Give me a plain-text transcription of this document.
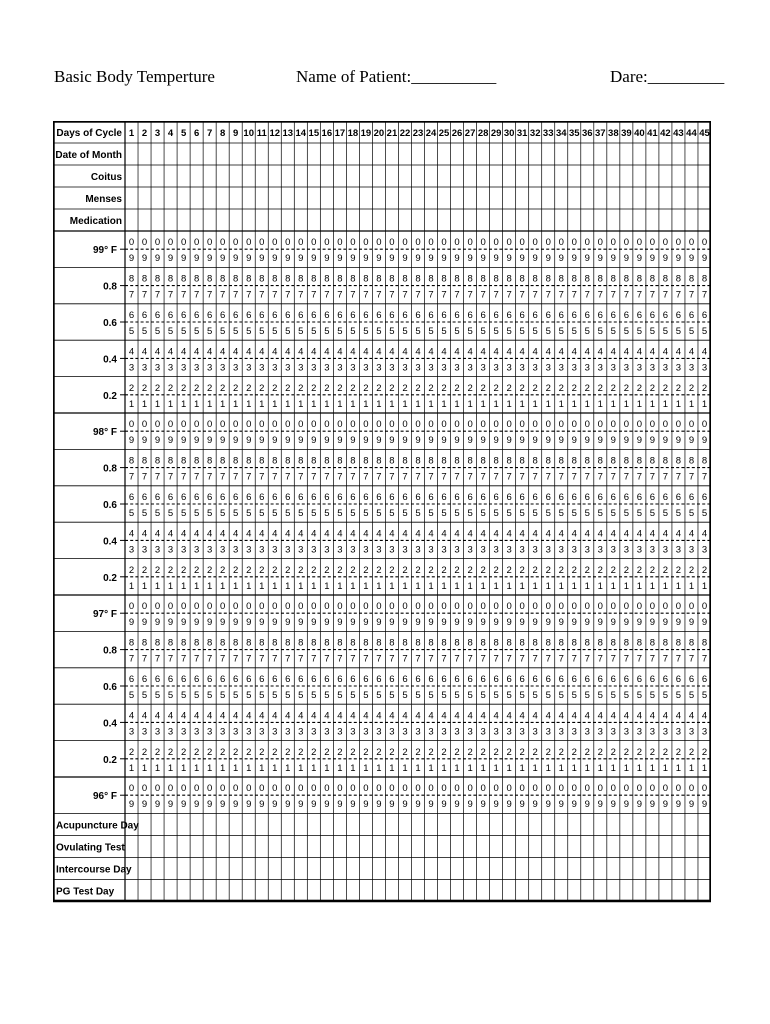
Basic Body Temperture	Name of Patient:__________	Dare:_________
Days of Cycle 1 2 3 4 5 6 7 8 9 10 11 12 13 14 15 16 17 18 19 20 21 22 23 24 25 26 27 28 29 30 31 32 33 34 35 36 37 38 39 40 41 42 43 44 45
Date of Month
Coitus
Menses
Medication
99° F
0
9
0
9
0
9
0
9
0
9
0
9
0
9
0
9
0
9
0
9
0
9
0
9
0
9
0
9
0
9
0
9
0
9
0
9
0
9
0
9
0
9
0
9
0
9
0
9
0
9
0
9
0
9
0
9
0
9
0
9
0
9
0
9
0
9
0
9
0
9
0
9
0
9
0
9
0
9
0
9
0
9
0
9
0
9
0
9
0
9
0.8
8
7
8
7
8
7
8
7
8
7
8
7
8
7
8
7
8
7
8
7
8
7
8
7
8
7
8
7
8
7
8
7
8
7
8
7
8
7
8
7
8
7
8
7
8
7
8
7
8
7
8
7
8
7
8
7
8
7
8
7
8
7
8
7
8
7
8
7
8
7
8
7
8
7
8
7
8
7
8
7
8
7
8
7
8
7
8
7
8
7
0.6
6
5
6
5
6
5
6
5
6
5
6
5
6
5
6
5
6
5
6
5
6
5
6
5
6
5
6
5
6
5
6
5
6
5
6
5
6
5
6
5
6
5
6
5
6
5
6
5
6
5
6
5
6
5
6
5
6
5
6
5
6
5
6
5
6
5
6
5
6
5
6
5
6
5
6
5
6
5
6
5
6
5
6
5
6
5
6
5
6
5
0.4
4
3
4
3
4
3
4
3
4
3
4
3
4
3
4
3
4
3
4
3
4
3
4
3
4
3
4
3
4
3
4
3
4
3
4
3
4
3
4
3
4
3
4
3
4
3
4
3
4
3
4
3
4
3
4
3
4
3
4
3
4
3
4
3
4
3
4
3
4
3
4
3
4
3
4
3
4
3
4
3
4
3
4
3
4
3
4
3
4
3
0.2
2
1
2
1
2
1
2
1
2
1
2
1
2
1
2
1
2
1
2
1
2
1
2
1
2
1
2
1
2
1
2
1
2
1
2
1
2
1
2
1
2
1
2
1
2
1
2
1
2
1
2
1
2
1
2
1
2
1
2
1
2
1
2
1
2
1
2
1
2
1
2
1
2
1
2
1
2
1
2
1
2
1
2
1
2
1
2
1
2
1
98° F
0
9
0
9
0
9
0
9
0
9
0
9
0
9
0
9
0
9
0
9
0
9
0
9
0
9
0
9
0
9
0
9
0
9
0
9
0
9
0
9
0
9
0
9
0
9
0
9
0
9
0
9
0
9
0
9
0
9
0
9
0
9
0
9
0
9
0
9
0
9
0
9
0
9
0
9
0
9
0
9
0
9
0
9
0
9
0
9
0
9
0.8
8
7
8
7
8
7
8
7
8
7
8
7
8
7
8
7
8
7
8
7
8
7
8
7
8
7
8
7
8
7
8
7
8
7
8
7
8
7
8
7
8
7
8
7
8
7
8
7
8
7
8
7
8
7
8
7
8
7
8
7
8
7
8
7
8
7
8
7
8
7
8
7
8
7
8
7
8
7
8
7
8
7
8
7
8
7
8
7
8
7
0.6
6
5
6
5
6
5
6
5
6
5
6
5
6
5
6
5
6
5
6
5
6
5
6
5
6
5
6
5
6
5
6
5
6
5
6
5
6
5
6
5
6
5
6
5
6
5
6
5
6
5
6
5
6
5
6
5
6
5
6
5
6
5
6
5
6
5
6
5
6
5
6
5
6
5
6
5
6
5
6
5
6
5
6
5
6
5
6
5
6
5
0.4
4
3
4
3
4
3
4
3
4
3
4
3
4
3
4
3
4
3
4
3
4
3
4
3
4
3
4
3
4
3
4
3
4
3
4
3
4
3
4
3
4
3
4
3
4
3
4
3
4
3
4
3
4
3
4
3
4
3
4
3
4
3
4
3
4
3
4
3
4
3
4
3
4
3
4
3
4
3
4
3
4
3
4
3
4
3
4
3
4
3
0.2
2
1
2
1
2
1
2
1
2
1
2
1
2
1
2
1
2
1
2
1
2
1
2
1
2
1
2
1
2
1
2
1
2
1
2
1
2
1
2
1
2
1
2
1
2
1
2
1
2
1
2
1
2
1
2
1
2
1
2
1
2
1
2
1
2
1
2
1
2
1
2
1
2
1
2
1
2
1
2
1
2
1
2
1
2
1
2
1
2
1
97° F
0
9
0
9
0
9
0
9
0
9
0
9
0
9
0
9
0
9
0
9
0
9
0
9
0
9
0
9
0
9
0
9
0
9
0
9
0
9
0
9
0
9
0
9
0
9
0
9
0
9
0
9
0
9
0
9
0
9
0
9
0
9
0
9
0
9
0
9
0
9
0
9
0
9
0
9
0
9
0
9
0
9
0
9
0
9
0
9
0
9
0.8
8
7
8
7
8
7
8
7
8
7
8
7
8
7
8
7
8
7
8
7
8
7
8
7
8
7
8
7
8
7
8
7
8
7
8
7
8
7
8
7
8
7
8
7
8
7
8
7
8
7
8
7
8
7
8
7
8
7
8
7
8
7
8
7
8
7
8
7
8
7
8
7
8
7
8
7
8
7
8
7
8
7
8
7
8
7
8
7
8
7
0.6
6
5
6
5
6
5
6
5
6
5
6
5
6
5
6
5
6
5
6
5
6
5
6
5
6
5
6
5
6
5
6
5
6
5
6
5
6
5
6
5
6
5
6
5
6
5
6
5
6
5
6
5
6
5
6
5
6
5
6
5
6
5
6
5
6
5
6
5
6
5
6
5
6
5
6
5
6
5
6
5
6
5
6
5
6
5
6
5
6
5
0.4
4
3
4
3
4
3
4
3
4
3
4
3
4
3
4
3
4
3
4
3
4
3
4
3
4
3
4
3
4
3
4
3
4
3
4
3
4
3
4
3
4
3
4
3
4
3
4
3
4
3
4
3
4
3
4
3
4
3
4
3
4
3
4
3
4
3
4
3
4
3
4
3
4
3
4
3
4
3
4
3
4
3
4
3
4
3
4
3
4
3
0.2
2
1
2
1
2
1
2
1
2
1
2
1
2
1
2
1
2
1
2
1
2
1
2
1
2
1
2
1
2
1
2
1
2
1
2
1
2
1
2
1
2
1
2
1
2
1
2
1
2
1
2
1
2
1
2
1
2
1
2
1
2
1
2
1
2
1
2
1
2
1
2
1
2
1
2
1
2
1
2
1
2
1
2
1
2
1
2
1
2
1
96° F
0
9
0
9
0
9
0
9
0
9
0
9
0
9
0
9
0
9
0
9
0
9
0
9
0
9
0
9
0
9
0
9
0
9
0
9
0
9
0
9
0
9
0
9
0
9
0
9
0
9
0
9
0
9
0
9
0
9
0
9
0
9
0
9
0
9
0
9
0
9
0
9
0
9
0
9
0
9
0
9
0
9
0
9
0
9
0
9
0
9
Acupuncture Day
Ovulating Test
Intercourse Day
PG Test Day
